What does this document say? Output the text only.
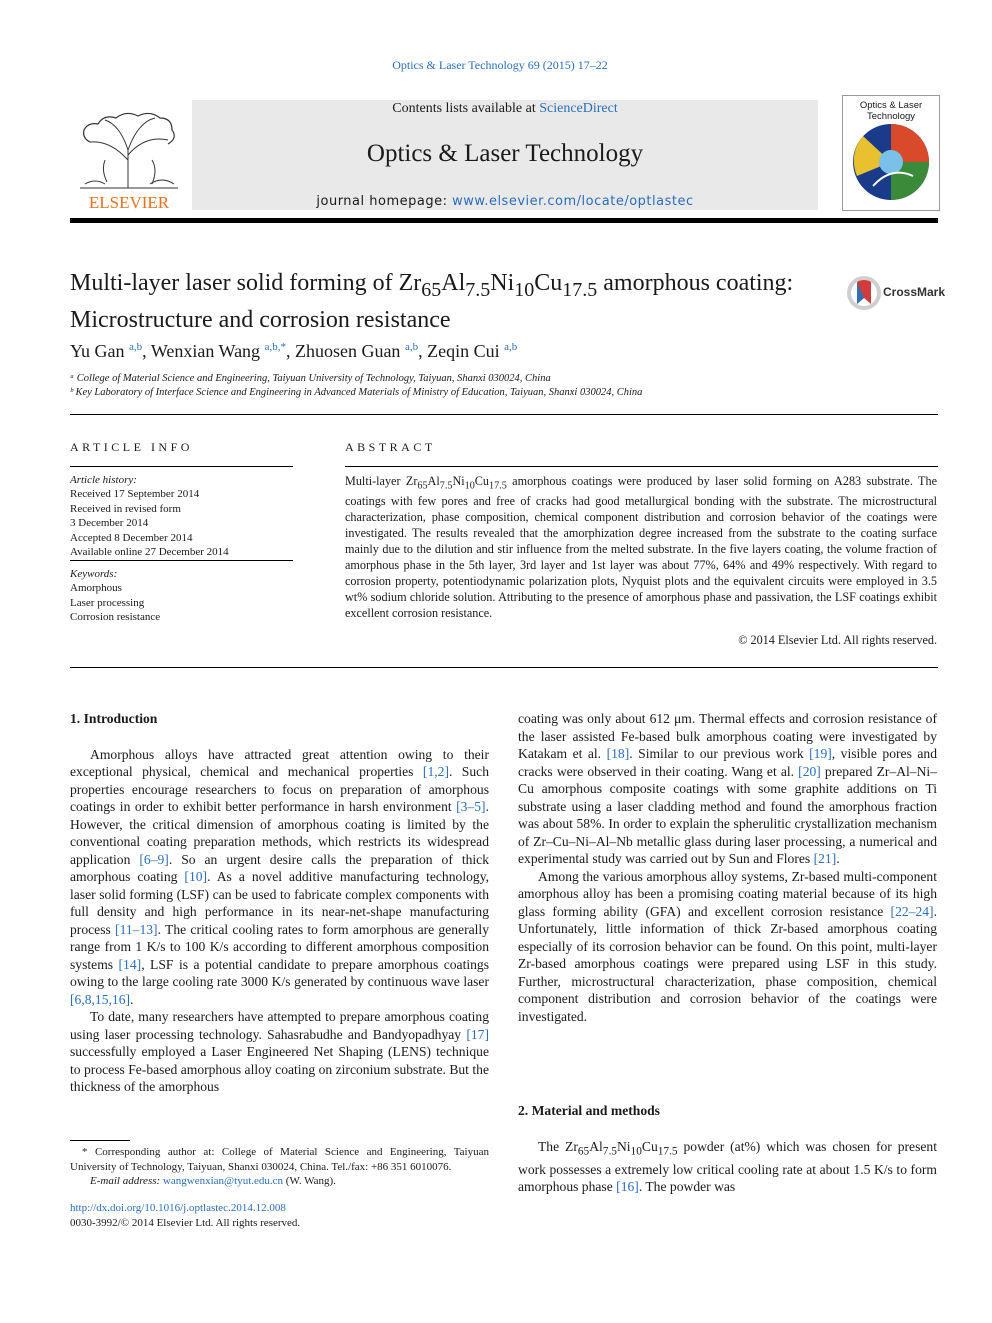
Optics & Laser Technology 69 (2015) 17–22
ELSEVIER
Contents lists available at ScienceDirect
Optics & Laser Technology
journal homepage: www.elsevier.com/locate/optlastec
Optics & Laser Technology
Multi-layer laser solid forming of $Zr_{65}Al_{7.5}Ni_{10}Cu_{17.5}$ amorphous coating: Microstructure and corrosion resistance
CrossMark
Yu Gan $^{a,b}$, Wenxian Wang $^{a,b,*}$, Zhuosen Guan $^{a,b}$, Zeqin Cui $^{a,b}$
ᵃ College of Material Science and Engineering, Taiyuan University of Technology, Taiyuan, Shanxi 030024, China
ᵇ Key Laboratory of Interface Science and Engineering in Advanced Materials of Ministry of Education, Taiyuan, Shanxi 030024, China
ARTICLE INFO
Article history:
Received 17 September 2014
Received in revised form
3 December 2014
Accepted 8 December 2014
Available online 27 December 2014
Keywords:
Amorphous
Laser processing
Corrosion resistance
ABSTRACT
Multi-layer $Zr_{65}Al_{7.5}Ni_{10}Cu_{17.5}$ amorphous coatings were produced by laser solid forming on A283 substrate. The coatings with few pores and free of cracks had good metallurgical bonding with the substrate. The microstructural characterization, phase composition, chemical component distribution and corrosion behavior of the coatings were investigated. The results revealed that the amorphization degree increased from the substrate to the coating surface mainly due to the dilution and stir influence from the melted substrate. In the five layers coating, the volume fraction of amorphous phase in the 5th layer, 3rd layer and 1st layer was about 77%, 64% and 49% respectively. With regard to corrosion property, potentiodynamic polarization plots, Nyquist plots and the equivalent circuits were employed in 3.5 wt% sodium chloride solution. Attributing to the presence of amorphous phase and passivation, the LSF coatings exhibit excellent corrosion resistance.
© 2014 Elsevier Ltd. All rights reserved.
1. Introduction

Amorphous alloys have attracted great attention owing to their exceptional physical, chemical and mechanical properties [1,2]. Such properties encourage researchers to focus on preparation of amorphous coatings in order to exhibit better performance in harsh environment [3–5]. However, the critical dimension of amorphous coating is limited by the conventional coating preparation methods, which restricts its widespread application [6–9]. So an urgent desire calls the preparation of thick amorphous coating [10]. As a novel additive manufacturing technology, laser solid forming (LSF) can be used to fabricate complex components with full density and high performance in its near-net-shape manufacturing process [11–13]. The critical cooling rates to form amorphous are generally range from 1 K/s to 100 K/s according to different amorphous composition systems [14], LSF is a potential candidate to prepare amorphous coatings owing to the large cooling rate 3000 K/s generated by continuous wave laser [6,8,15,16].

To date, many researchers have attempted to prepare amorphous coating using laser processing technology. Sahasrabudhe and Bandyopadhyay [17] successfully employed a Laser Engineered Net Shaping (LENS) technique to process Fe-based amorphous alloy coating on zirconium substrate. But the thickness of the amorphous

* Corresponding author at: College of Material Science and Engineering, Taiyuan University of Technology, Taiyuan, Shanxi 030024, China. Tel./fax: +86 351 6010076.
E-mail address: wangwenxian@tyut.edu.cn (W. Wang).
http://dx.doi.org/10.1016/j.optlastec.2014.12.008
0030-3992/© 2014 Elsevier Ltd. All rights reserved.

coating was only about 612 μm. Thermal effects and corrosion resistance of the laser assisted Fe-based bulk amorphous coating were investigated by Katakam et al. [18]. Similar to our previous work [19], visible pores and cracks were observed in their coating. Wang et al. [20] prepared Zr–Al–Ni–Cu amorphous composite coatings with some graphite additions on Ti substrate using a laser cladding method and found the amorphous fraction was about 58%. In order to explain the spherulitic crystallization mechanism of Zr–Cu–Ni–Al–Nb metallic glass during laser processing, a numerical and experimental study was carried out by Sun and Flores [21].

Among the various amorphous alloy systems, Zr-based multi-component amorphous alloy has been a promising coating material because of its high glass forming ability (GFA) and excellent corrosion resistance [22–24]. Unfortunately, little information of thick Zr-based amorphous coating especially of its corrosion behavior can be found. On this point, multi-layer Zr-based amorphous coatings were prepared using LSF in this study. Further, microstructural characterization, phase composition, chemical component distribution and corrosion behavior of the coatings were investigated.

2. Material and methods

The $Zr_{65}Al_{7.5}Ni_{10}Cu_{17.5}$ powder (at%) which was chosen for present work possesses a extremely low critical cooling rate at about 1.5 K/s to form amorphous phase [16]. The powder was
